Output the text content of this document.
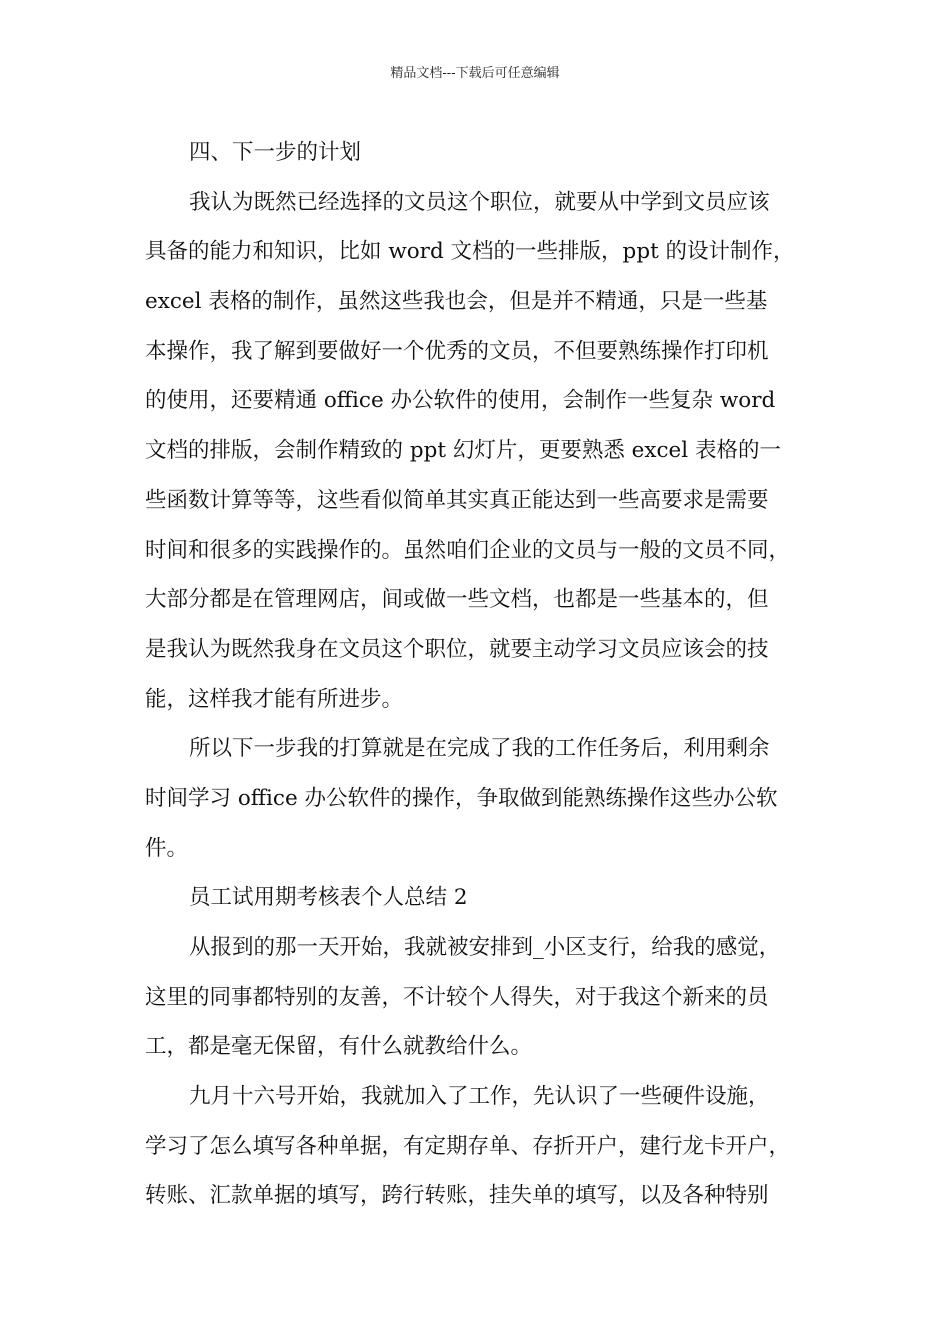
精品文档---下载后可任意编辑
四、下一步的计划
我认为既然已经选择的文员这个职位，就要从中学到文员应该
具备的能力和知识，比如 word 文档的一些排版，ppt 的设计制作，
excel 表格的制作，虽然这些我也会，但是并不精通，只是一些基
本操作，我了解到要做好一个优秀的文员，不但要熟练操作打印机
的使用，还要精通 office 办公软件的使用，会制作一些复杂 word
文档的排版，会制作精致的 ppt 幻灯片，更要熟悉 excel 表格的一
些函数计算等等，这些看似简单其实真正能达到一些高要求是需要
时间和很多的实践操作的。虽然咱们企业的文员与一般的文员不同，
大部分都是在管理网店，间或做一些文档，也都是一些基本的，但
是我认为既然我身在文员这个职位，就要主动学习文员应该会的技
能，这样我才能有所进步。
所以下一步我的打算就是在完成了我的工作任务后，利用剩余
时间学习 office 办公软件的操作，争取做到能熟练操作这些办公软
件。
员工试用期考核表个人总结 2
从报到的那一天开始，我就被安排到_小区支行，给我的感觉，
这里的同事都特别的友善，不计较个人得失，对于我这个新来的员
工，都是毫无保留，有什么就教给什么。
九月十六号开始，我就加入了工作，先认识了一些硬件设施，
学习了怎么填写各种单据，有定期存单、存折开户，建行龙卡开户，
转账、汇款单据的填写，跨行转账，挂失单的填写，以及各种特别
